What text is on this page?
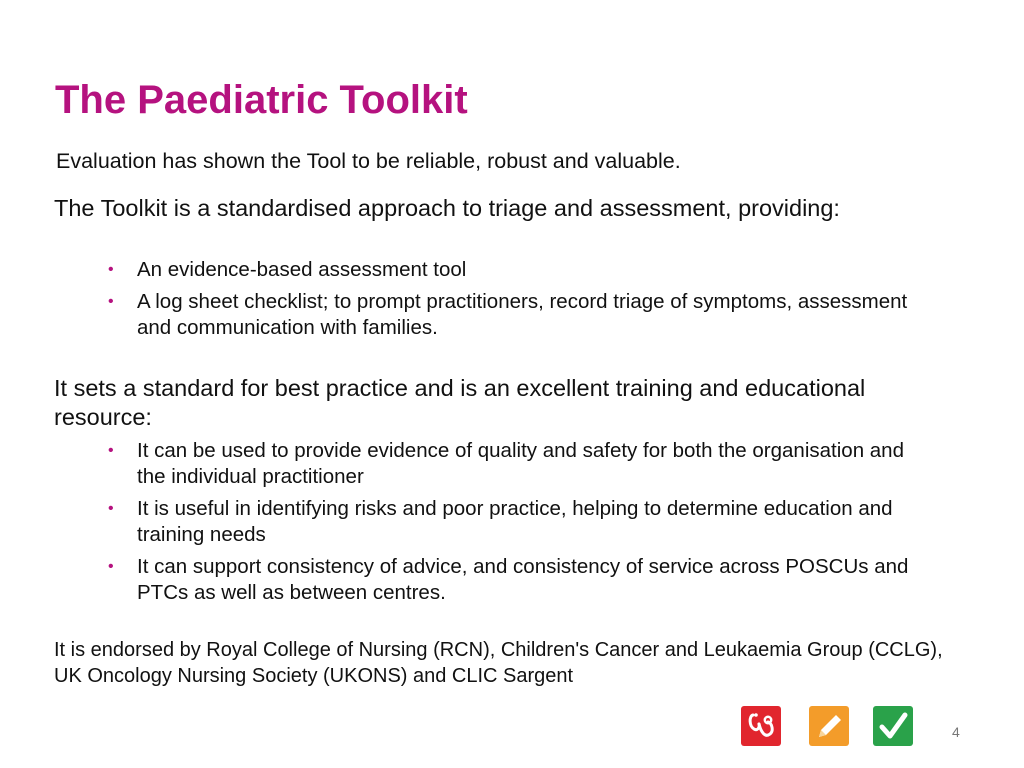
The Paediatric Toolkit

Evaluation has shown the Tool to be reliable, robust and valuable.

The Toolkit is a standardised approach to triage and assessment, providing:

• An evidence-based assessment tool
• A log sheet checklist; to prompt practitioners, record triage of symptoms, assessment and communication with families.

It sets a standard for best practice and is an excellent training and educational resource:

• It can be used to provide evidence of quality and safety for both the organisation and the individual practitioner
• It is useful in identifying risks and poor practice, helping to determine education and training needs
• It can support consistency of advice, and consistency of service across POSCUs and PTCs as well as between centres.

It is endorsed by Royal College of Nursing (RCN), Children's Cancer and Leukaemia Group (CCLG), UK Oncology Nursing Society (UKONS) and CLIC Sargent

4
